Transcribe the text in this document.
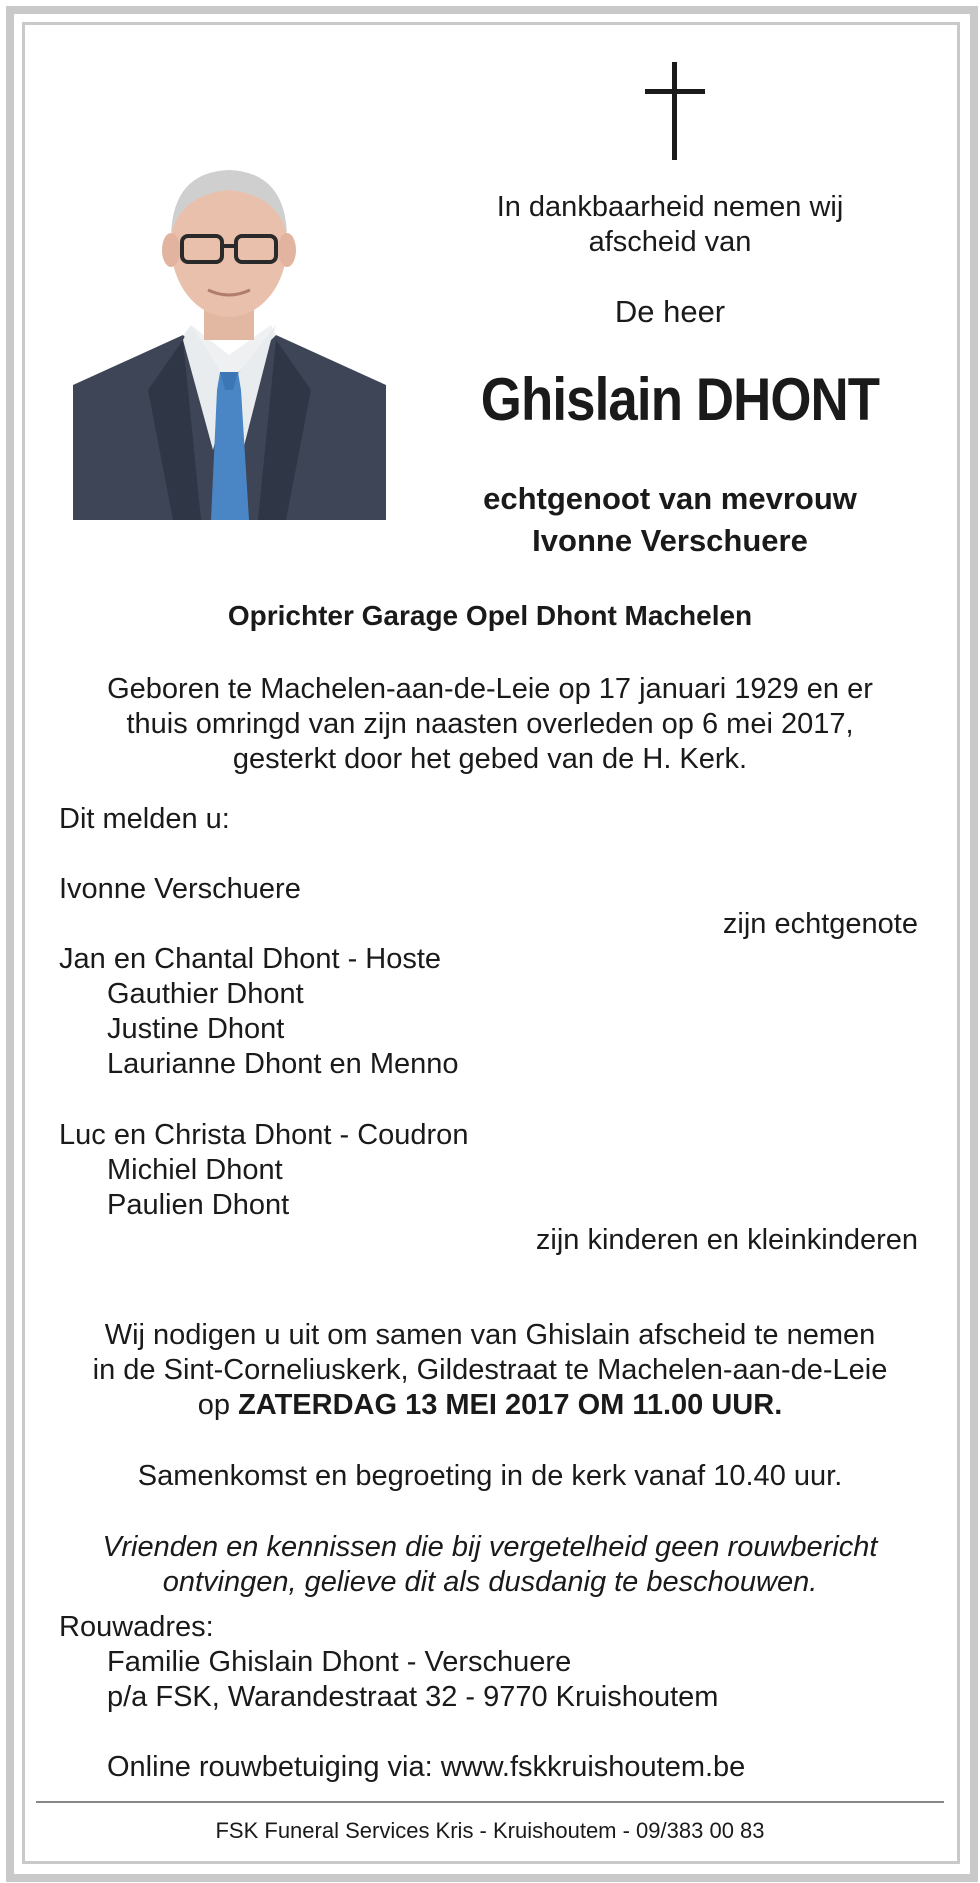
In dankbaarheid nemen wij
afscheid van
De heer
Ghislain DHONT
echtgenoot van mevrouw
Ivonne Verschuere
Oprichter Garage Opel Dhont Machelen
Geboren te Machelen-aan-de-Leie op 17 januari 1929 en er
thuis omringd van zijn naasten overleden op 6 mei 2017,
gesterkt door het gebed van de H. Kerk.
Dit melden u:
Ivonne Verschuere
zijn echtgenote
Jan en Chantal Dhont - Hoste
Gauthier Dhont
Justine Dhont
Laurianne Dhont en Menno
Luc en Christa Dhont - Coudron
Michiel Dhont
Paulien Dhont
zijn kinderen en kleinkinderen
Wij nodigen u uit om samen van Ghislain afscheid te nemen
in de Sint-Corneliuskerk, Gildestraat te Machelen-aan-de-Leie
op ZATERDAG 13 MEI 2017 OM 11.00 UUR.
Samenkomst en begroeting in de kerk vanaf 10.40 uur.
Vrienden en kennissen die bij vergetelheid geen rouwbericht
ontvingen, gelieve dit als dusdanig te beschouwen.
Rouwadres:
Familie Ghislain Dhont - Verschuere
p/a FSK, Warandestraat 32 - 9770 Kruishoutem
Online rouwbetuiging via: www.fskkruishoutem.be
FSK Funeral Services Kris - Kruishoutem - 09/383 00 83
